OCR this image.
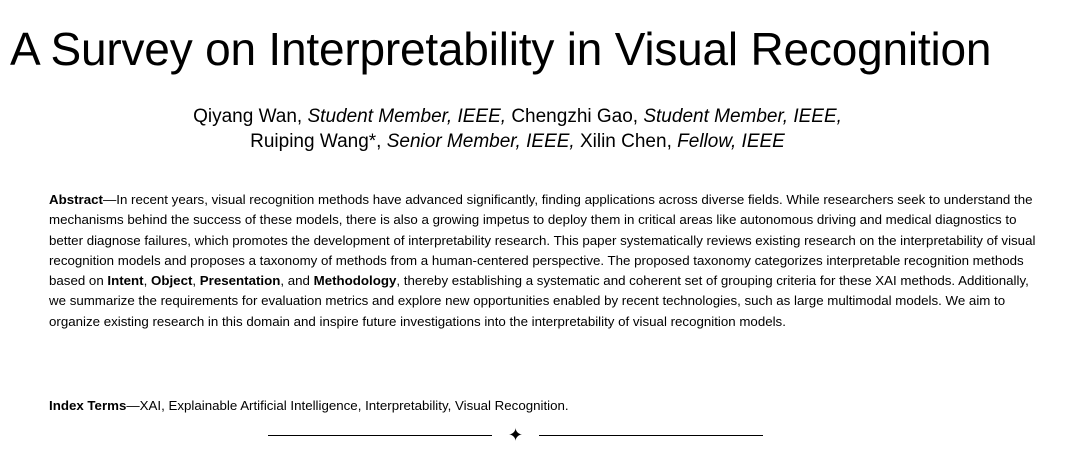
A Survey on Interpretability in Visual Recognition
Qiyang Wan, Student Member, IEEE, Chengzhi Gao, Student Member, IEEE,
Ruiping Wang*, Senior Member, IEEE, Xilin Chen, Fellow, IEEE

Abstract—In recent years, visual recognition methods have advanced significantly, finding applications across diverse fields. While researchers seek to understand the mechanisms behind the success of these models, there is also a growing impetus to deploy them in critical areas like autonomous driving and medical diagnostics to better diagnose failures, which promotes the development of interpretability research. This paper systematically reviews existing research on the interpretability of visual recognition models and proposes a taxonomy of methods from a human-centered perspective. The proposed taxonomy categorizes interpretable recognition methods based on Intent, Object, Presentation, and Methodology, thereby establishing a systematic and coherent set of grouping criteria for these XAI methods. Additionally, we summarize the requirements for evaluation metrics and explore new opportunities enabled by recent technologies, such as large multimodal models. We aim to organize existing research in this domain and inspire future investigations into the interpretability of visual recognition models.

Index Terms—XAI, Explainable Artificial Intelligence, Interpretability, Visual Recognition.

✦
